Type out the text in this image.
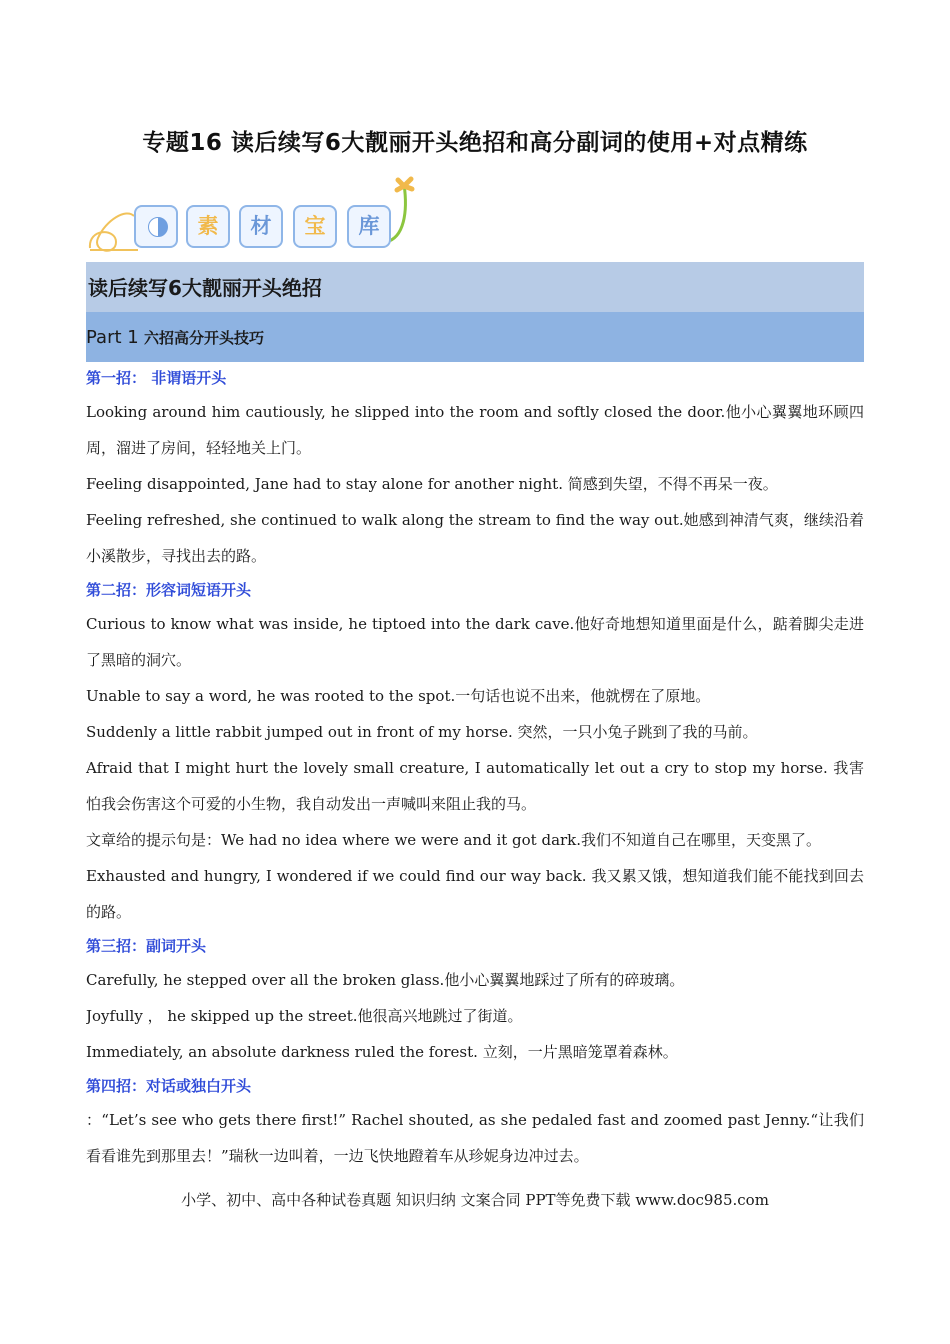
专题16 读后续写6大靓丽开头绝招和高分副词的使用+对点精练
素	材	宝	库
读后续写6大靓丽开头绝招
Part 1 六招高分开头技巧
第一招： 非谓语开头

Looking around him cautiously, he slipped into the room and softly closed the door.他小心翼翼地环顾四周，溜进了房间，轻轻地关上门。

Feeling disappointed, Jane had to stay alone for another night. 简感到失望，不得不再呆一夜。

Feeling refreshed, she continued to walk along the stream to find the way out.她感到神清气爽，继续沿着小溪散步，寻找出去的路。

第二招：形容词短语开头

Curious to know what was inside, he tiptoed into the dark cave.他好奇地想知道里面是什么，踮着脚尖走进了黑暗的洞穴。

Unable to say a word, he was rooted to the spot.一句话也说不出来，他就楞在了原地。

Suddenly a little rabbit jumped out in front of my horse. 突然，一只小兔子跳到了我的马前。

Afraid that I might hurt the lovely small creature, I automatically let out a cry to stop my horse. 我害怕我会伤害这个可爱的小生物，我自动发出一声喊叫来阻止我的马。

文章给的提示句是：We had no idea where we were and it got dark.我们不知道自己在哪里，天变黑了。

Exhausted and hungry, I wondered if we could find our way back. 我又累又饿，想知道我们能不能找到回去的路。

第三招：副词开头

Carefully, he stepped over all the broken glass.他小心翼翼地踩过了所有的碎玻璃。

Joyfully ， he skipped up the street.他很高兴地跳过了街道。

Immediately, an absolute darkness ruled the forest. 立刻，一片黑暗笼罩着森林。

第四招：对话或独白开头

：“Let’s see who gets there first!” Rachel shouted, as she pedaled fast and zoomed past Jenny.“让我们看看谁先到那里去！”瑞秋一边叫着，一边飞快地蹬着车从珍妮身边冲过去。

小学、初中、高中各种试卷真题 知识归纳 文案合同 PPT等免费下载 www.doc985.com
